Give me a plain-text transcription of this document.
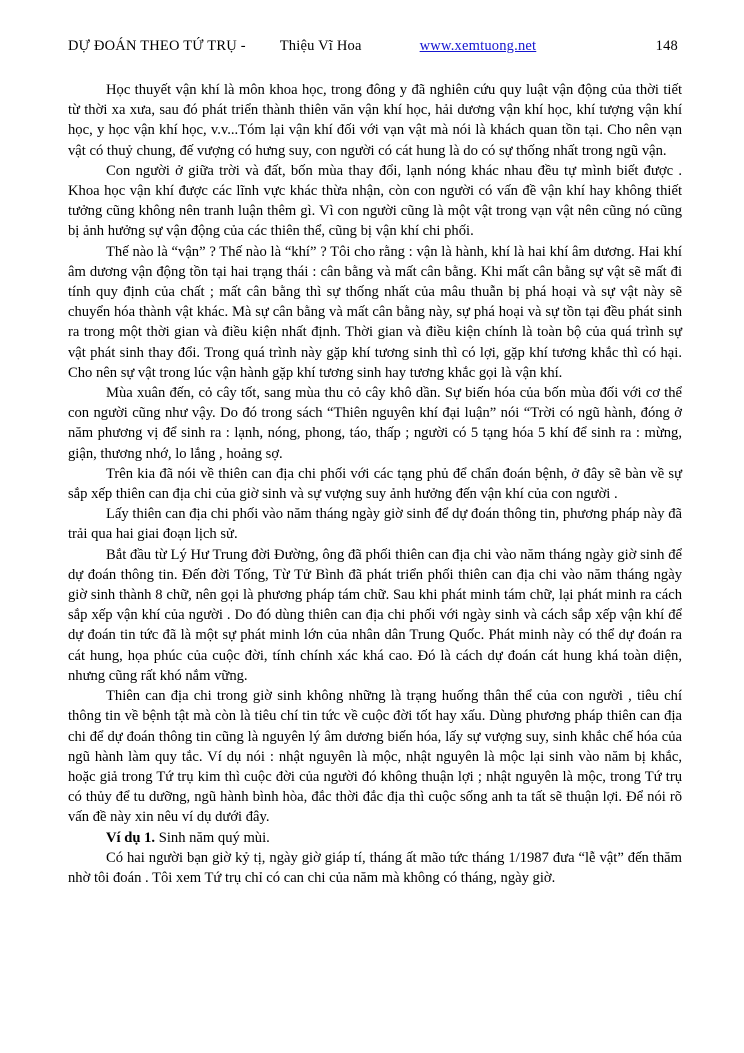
DỰ ĐOÁN THEO TỨ TRỤ - Thiệu Vĩ Hoa	www.xemtuong.net	148

Học thuyết vận khí là môn khoa học, trong đông y đã nghiên cứu quy luật vận động của thời tiết từ thời xa xưa, sau đó phát triển thành thiên văn vận khí học, hải dương vận khí học, khí tượng vận khí học, y học vận khí học, v.v...Tóm lại vận khí đối với vạn vật mà nói là khách quan tồn tại. Cho nên vạn vật có thuỷ chung, đế vượng có hưng suy, con người có cát hung là do có sự thống nhất trong ngũ vận.

Con người ở giữa trời và đất, bốn mùa thay đổi, lạnh nóng khác nhau đều tự mình biết được . Khoa học vận khí được các lĩnh vực khác thừa nhận, còn con người có vấn đề vận khí hay không thiết tưởng cũng không nên tranh luận thêm gì. Vì con người cũng là một vật trong vạn vật nên cũng nó cũng bị ảnh hưởng sự vận động của các thiên thể, cũng bị vận khí chi phối.

Thế nào là “vận” ? Thế nào là “khí” ? Tôi cho rằng : vận là hành, khí là hai khí âm dương. Hai khí âm dương vận động tồn tại hai trạng thái : cân bằng và mất cân bằng. Khi mất cân bằng sự vật sẽ mất đi tính quy định của chất ; mất cân bằng thì sự thống nhất của mâu thuẫn bị phá hoại và sự vật này sẽ chuyển hóa thành vật khác. Mà sự cân bằng và mất cân bằng này, sự phá hoại và sự tồn tại đều phát sinh ra trong một thời gian và điều kiện nhất định. Thời gian và điều kiện chính là toàn bộ của quá trình sự vật phát sinh thay đổi. Trong quá trình này gặp khí tương sinh thì có lợi, gặp khí tương khắc thì có hại. Cho nên sự vật trong lúc vận hành gặp khí tương sinh hay tương khắc gọi là vận khí.

Mùa xuân đến, cỏ cây tốt, sang mùa thu cỏ cây khô dần. Sự biến hóa của bốn mùa đối với cơ thể con người cũng như vậy. Do đó trong sách “Thiên nguyên khí đại luận” nói “Trời có ngũ hành, đóng ở năm phương vị để sinh ra : lạnh, nóng, phong, táo, thấp ; người có 5 tạng hóa 5 khí để sinh ra : mừng, giận, thương nhớ, lo lắng , hoảng sợ.

Trên kia đã nói về thiên can địa chi phối với các tạng phủ để chẩn đoán bệnh, ở đây sẽ bàn về sự sắp xếp thiên can địa chi của giờ sinh và sự vượng suy ảnh hưởng đến vận khí của con người .

Lấy thiên can địa chi phối vào năm tháng ngày giờ sinh để dự đoán thông tin, phương pháp này đã trải qua hai giai đoạn lịch sử.

Bắt đầu từ Lý Hư Trung đời Đường, ông đã phối thiên can địa chi vào năm tháng ngày giờ sinh để dự đoán thông tin. Đến đời Tống, Từ Tử Bình đã phát triển phối thiên can địa chi vào năm tháng ngày giờ sinh thành 8 chữ, nên gọi là phương pháp tám chữ. Sau khi phát minh tám chữ, lại phát minh ra cách sắp xếp vận khí của người . Do đó dùng thiên can địa chi phối với ngày sinh và cách sắp xếp vận khí để dự đoán tin tức đã là một sự phát minh lớn của nhân dân Trung Quốc. Phát minh này có thể dự đoán ra cát hung, họa phúc của cuộc đời, tính chính xác khá cao. Đó là cách dự đoán cát hung khá toàn diện, nhưng cũng rất khó nắm vững.

Thiên can địa chi trong giờ sinh không những là trạng huống thân thể của con người , tiêu chí thông tin về bệnh tật mà còn là tiêu chí tin tức về cuộc đời tốt hay xấu. Dùng phương pháp thiên can địa chi để dự đoán thông tin cũng là nguyên lý âm dương biến hóa, lấy sự vượng suy, sinh khắc chế hóa của ngũ hành làm quy tắc. Ví dụ nói : nhật nguyên là mộc, nhật nguyên là mộc lại sinh vào năm bị khắc, hoặc giả trong Tứ trụ kim thì cuộc đời của người đó không thuận lợi ; nhật nguyên là mộc, trong Tứ trụ có thủy để tu dưỡng, ngũ hành bình hòa, đắc thời đắc địa thì cuộc sống anh ta tất sẽ thuận lợi. Để nói rõ vấn đề này xin nêu ví dụ dưới đây.

Ví dụ 1. Sinh năm quý mùi.

Có hai người bạn giờ kỷ tị, ngày giờ giáp tí, tháng ất mão tức tháng 1/1987 đưa “lễ vật” đến thăm nhờ tôi đoán . Tôi xem Tứ trụ chỉ có can chi của năm mà không có tháng, ngày giờ.
